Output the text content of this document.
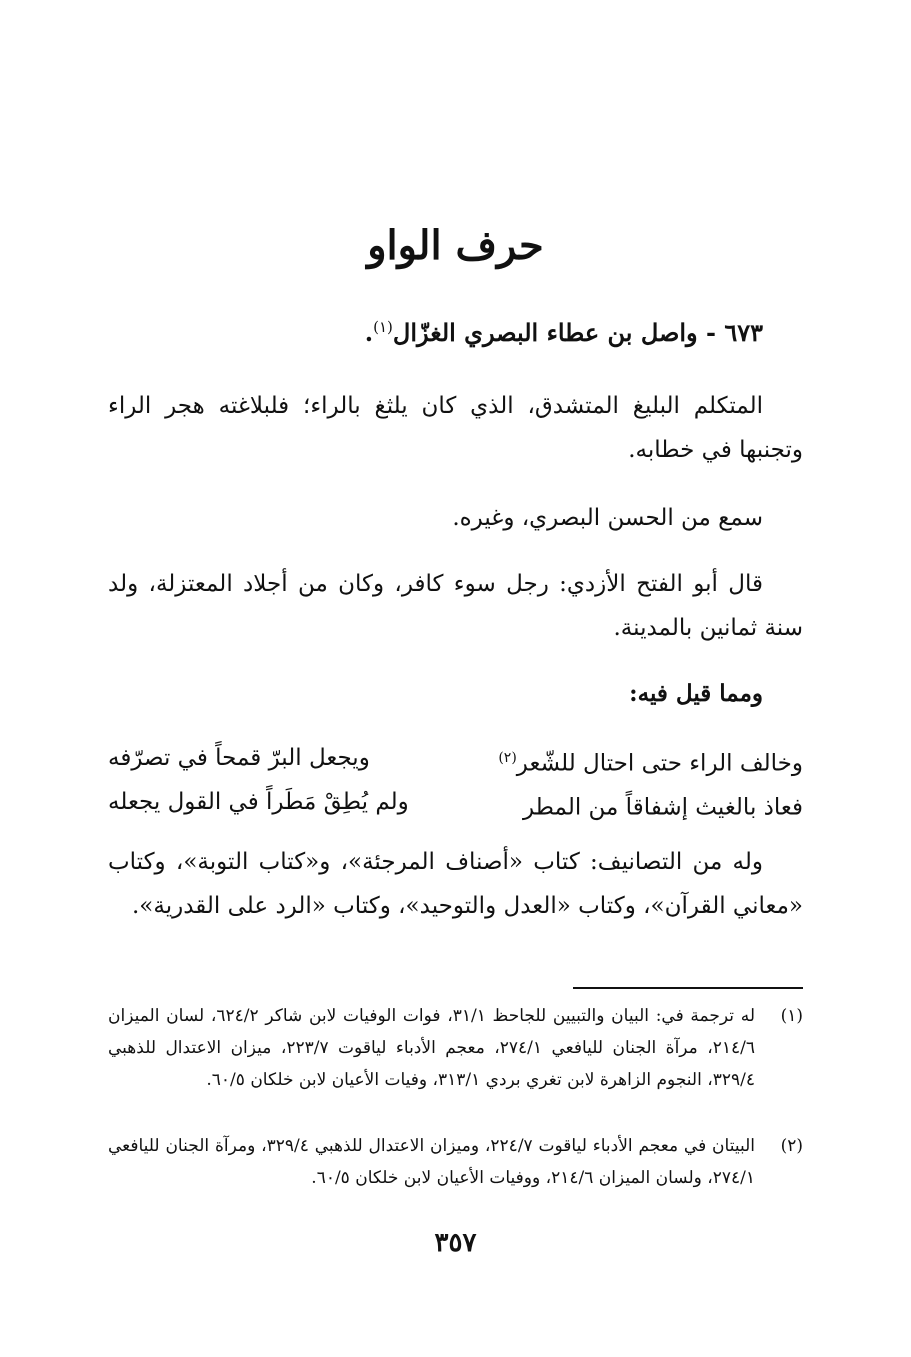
حرف الواو

٦٧٣ - واصل بن عطاء البصري الغزّال$^{(١)}$.

المتكلم البليغ المتشدق، الذي كان يلثغ بالراء؛ فلبلاغته هجر الراء وتجنبها في خطابه.

سمع من الحسن البصري، وغيره.

قال أبو الفتح الأزدي: رجل سوء كافر، وكان من أجلاد المعتزلة، ولد سنة ثمانين بالمدينة.

ومما قيل فيه:

وخالف الراء حتى احتال للشّعر$^{(٢)}$
ويجعل البرّ قمحاً في تصرّفه
فعاذ بالغيث إشفاقاً من المطر
ولم يُطِقْ مَطَراً في القول يجعله

وله من التصانيف: كتاب «أصناف المرجئة»، و«كتاب التوبة»، وكتاب «معاني القرآن»، وكتاب «العدل والتوحيد»، وكتاب «الرد على القدرية».

(١)
له ترجمة في: البيان والتبيين للجاحظ ٣١/١، فوات الوفيات لابن شاكر ٦٢٤/٢، لسان الميزان ٢١٤/٦، مرآة الجنان لليافعي ٢٧٤/١، معجم الأدباء لياقوت ٢٢٣/٧، ميزان الاعتدال للذهبي ٣٢٩/٤، النجوم الزاهرة لابن تغري بردي ٣١٣/١، وفيات الأعيان لابن خلكان ٦٠/٥.
(٢)
البيتان في معجم الأدباء لياقوت ٢٢٤/٧، وميزان الاعتدال للذهبي ٣٢٩/٤، ومرآة الجنان لليافعي ٢٧٤/١، ولسان الميزان ٢١٤/٦، ووفيات الأعيان لابن خلكان ٦٠/٥.

٣٥٧
